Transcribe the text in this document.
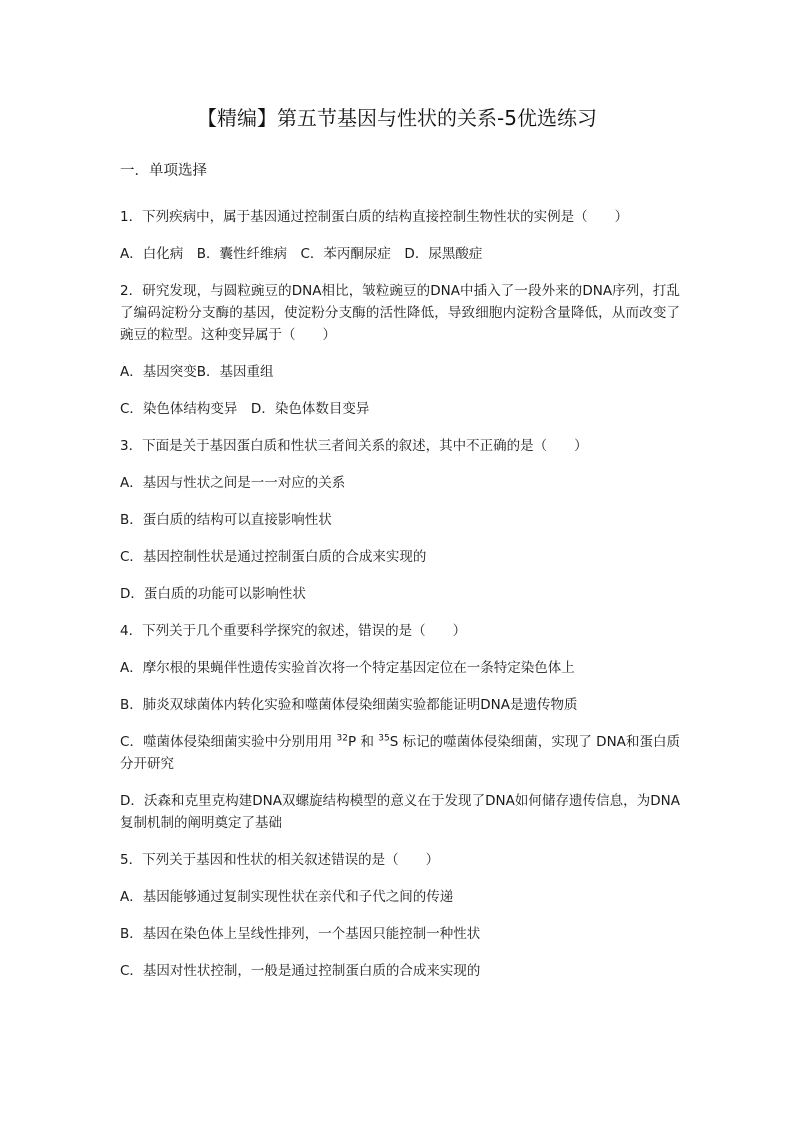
【精编】第五节基因与性状的关系-5优选练习
一．单项选择

1．下列疾病中，属于基因通过控制蛋白质的结构直接控制生物性状的实例是（　　）

A．白化病　B．囊性纤维病　C．苯丙酮尿症　D．尿黑酸症

2．研究发现，与圆粒豌豆的DNA相比，皱粒豌豆的DNA中插入了一段外来的DNA序列，打乱了编码淀粉分支酶的基因，使淀粉分支酶的活性降低，导致细胞内淀粉含量降低，从而改变了豌豆的粒型。这种变异属于（　　）

A．基因突变B．基因重组

C．染色体结构变异　D．染色体数目变异

3．下面是关于基因蛋白质和性状三者间关系的叙述，其中不正确的是（　　）

A．基因与性状之间是一一对应的关系

B．蛋白质的结构可以直接影响性状

C．基因控制性状是通过控制蛋白质的合成来实现的

D．蛋白质的功能可以影响性状

4．下列关于几个重要科学探究的叙述，错误的是（　　）

A．摩尔根的果蝇伴性遗传实验首次将一个特定基因定位在一条特定染色体上

B．肺炎双球菌体内转化实验和噬菌体侵染细菌实验都能证明DNA是遗传物质

C．噬菌体侵染细菌实验中分别用用 $^{32}$P 和 $^{35}$S 标记的噬菌体侵染细菌，实现了 DNA和蛋白质分开研究

D．沃森和克里克构建DNA双螺旋结构模型的意义在于发现了DNA如何储存遗传信息，为DNA复制机制的阐明奠定了基础

5．下列关于基因和性状的相关叙述错误的是（　　）

A．基因能够通过复制实现性状在亲代和子代之间的传递

B．基因在染色体上呈线性排列，一个基因只能控制一种性状

C．基因对性状控制，一般是通过控制蛋白质的合成来实现的
